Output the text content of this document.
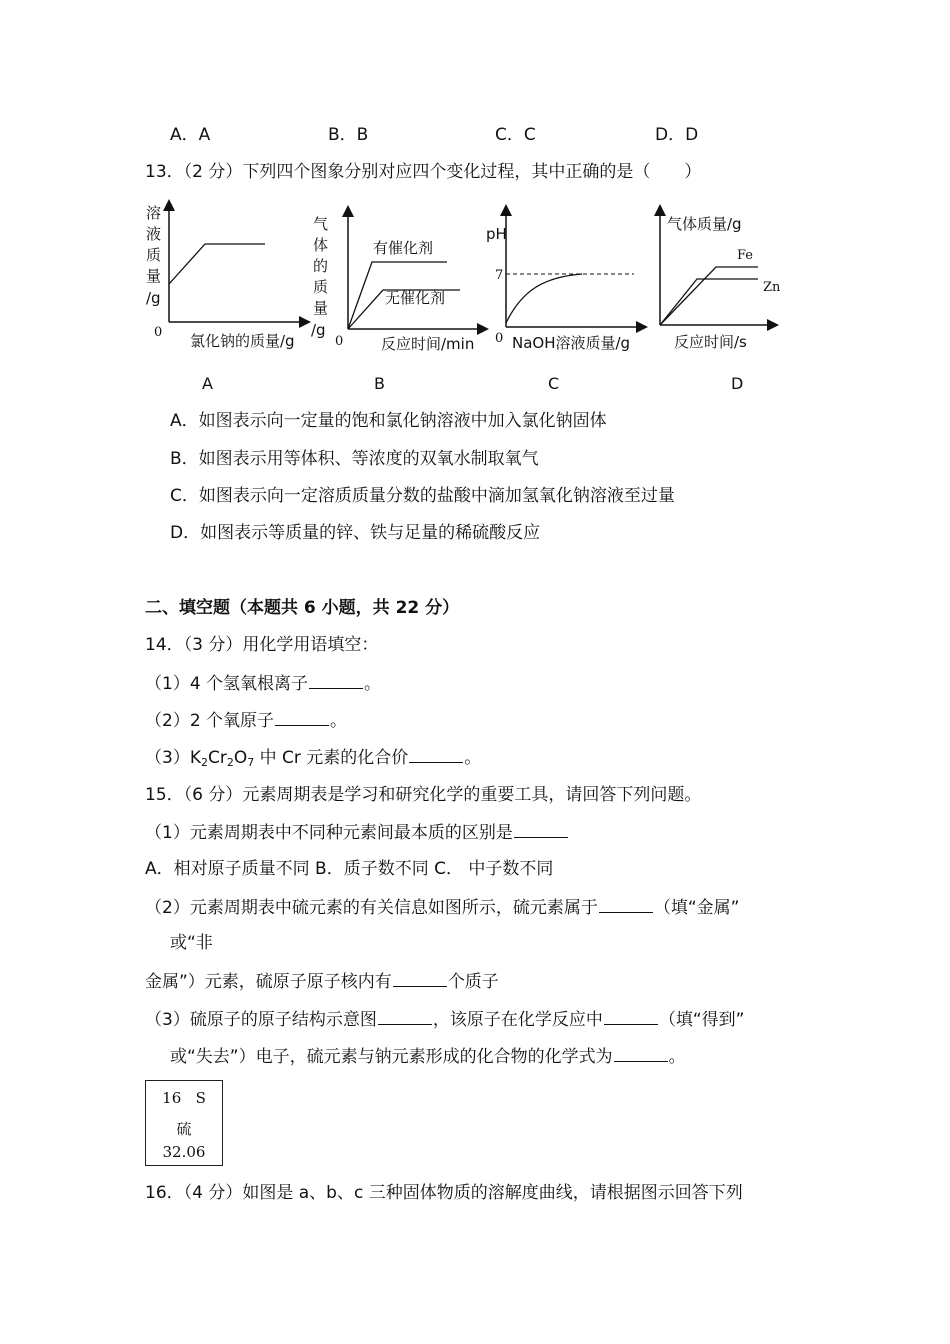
A．A	B．B	C．C	D．D
13．（2 分）下列四个图象分别对应四个变化过程，其中正确的是（　　）
溶
液
质
量
/g
0 氯化钠的质量/g
A
气
体
的
质
量
/g
0
有催化剂
无催化剂
反应时间/min
B
pH
7
0 NaOH溶液质量/g
C
气体质量/g
Fe
Zn
反应时间/s
D
A．如图表示向一定量的饱和氯化钠溶液中加入氯化钠固体
B．如图表示用等体积、等浓度的双氧水制取氧气
C．如图表示向一定溶质质量分数的盐酸中滴加氢氧化钠溶液至过量
D．如图表示等质量的锌、铁与足量的稀硫酸反应
二、填空题（本题共 6 小题，共 22 分）
14．（3 分）用化学用语填空：
（1）4 个氢氧根离子	。
（2）2 个氧原子	。
$(3)K_2Cr_2O_7$ 中 Cr 元素的化合价	。
15．（6 分）元素周期表是学习和研究化学的重要工具，请回答下列问题。
（1）元素周期表中不同种元素间最本质的区别是
A．相对原子质量不同 B．质子数不同 C． 中子数不同
（2）元素周期表中硫元素的有关信息如图所示，硫元素属于	（填“金属”
或“非
金属”）元素，硫原子原子核内有	个质子
（3）硫原子的原子结构示意图	，该原子在化学反应中	（填“得到”
或“失去”）电子，硫元素与钠元素形成的化合物的化学式为	。
16 S
硫
32.06
16．（4 分）如图是 a、b、c 三种固体物质的溶解度曲线，请根据图示回答下列
